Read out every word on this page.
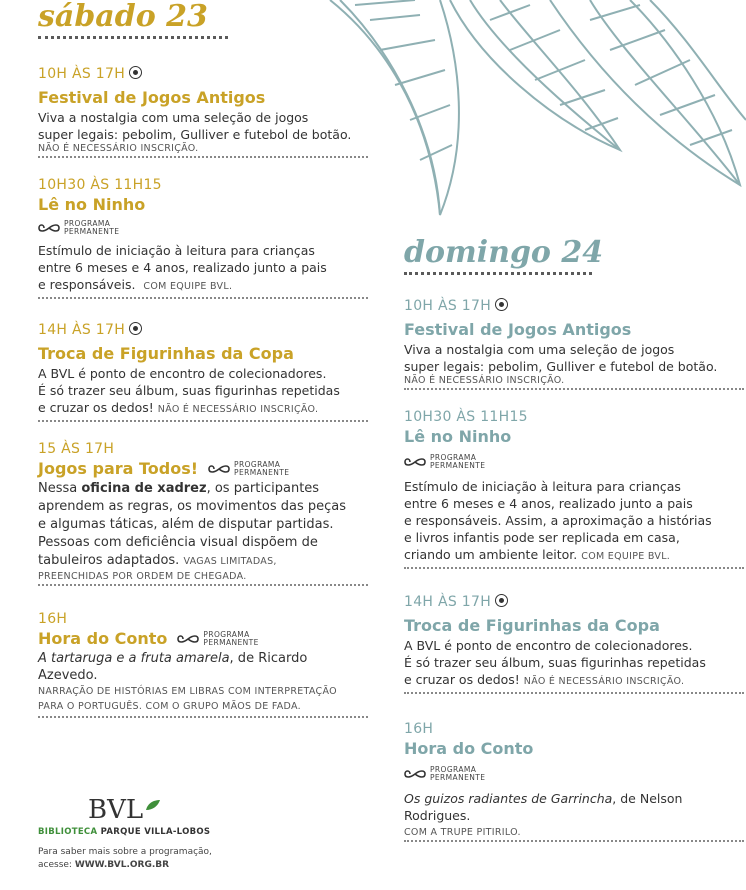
sábado 23
10H ÀS 17H
Festival de Jogos Antigos
Viva a nostalgia com uma seleção de jogos
super legais: pebolim, Gulliver e futebol de botão.
NÃO É NECESSÁRIO INSCRIÇÃO.
10H30 ÀS 11H15
Lê no Ninho
PROGRAMA
PERMANENTE
Estímulo de iniciação à leitura para crianças
entre 6 meses e 4 anos, realizado junto a pais
e responsáveis. COM EQUIPE BVL.
14H ÀS 17H
Troca de Figurinhas da Copa
A BVL é ponto de encontro de colecionadores.
É só trazer seu álbum, suas figurinhas repetidas
e cruzar os dedos! NÃO É NECESSÁRIO INSCRIÇÃO.
15 ÀS 17H
Jogos para Todos!	PROGRAMA
PERMANENTE
Nessa oficina de xadrez, os participantes
aprendem as regras, os movimentos das peças
e algumas táticas, além de disputar partidas.
Pessoas com deficiência visual dispõem de
tabuleiros adaptados. VAGAS LIMITADAS,
PREENCHIDAS POR ORDEM DE CHEGADA.
16H
Hora do Conto	PROGRAMA
PERMANENTE
A tartaruga e a fruta amarela, de Ricardo Azevedo.
NARRAÇÃO DE HISTÓRIAS EM LIBRAS COM INTERPRETAÇÃO
PARA O PORTUGUÊS. COM O GRUPO MÃOS DE FADA.
BVL
BIBLIOTECA PARQUE VILLA-LOBOS
Para saber mais sobre a programação,
acesse: WWW.BVL.ORG.BR
domingo 24
10H ÀS 17H
Festival de Jogos Antigos
Viva a nostalgia com uma seleção de jogos
super legais: pebolim, Gulliver e futebol de botão.
NÃO É NECESSÁRIO INSCRIÇÃO.
10H30 ÀS 11H15
Lê no Ninho
PROGRAMA
PERMANENTE
Estímulo de iniciação à leitura para crianças
entre 6 meses e 4 anos, realizado junto a pais
e responsáveis. Assim, a aproximação a histórias
e livros infantis pode ser replicada em casa,
criando um ambiente leitor. COM EQUIPE BVL.
14H ÀS 17H
Troca de Figurinhas da Copa
A BVL é ponto de encontro de colecionadores.
É só trazer seu álbum, suas figurinhas repetidas
e cruzar os dedos! NÃO É NECESSÁRIO INSCRIÇÃO.
16H
Hora do Conto
PROGRAMA
PERMANENTE
Os guizos radiantes de Garrincha, de Nelson Rodrigues.
COM A TRUPE PITIRILO.
